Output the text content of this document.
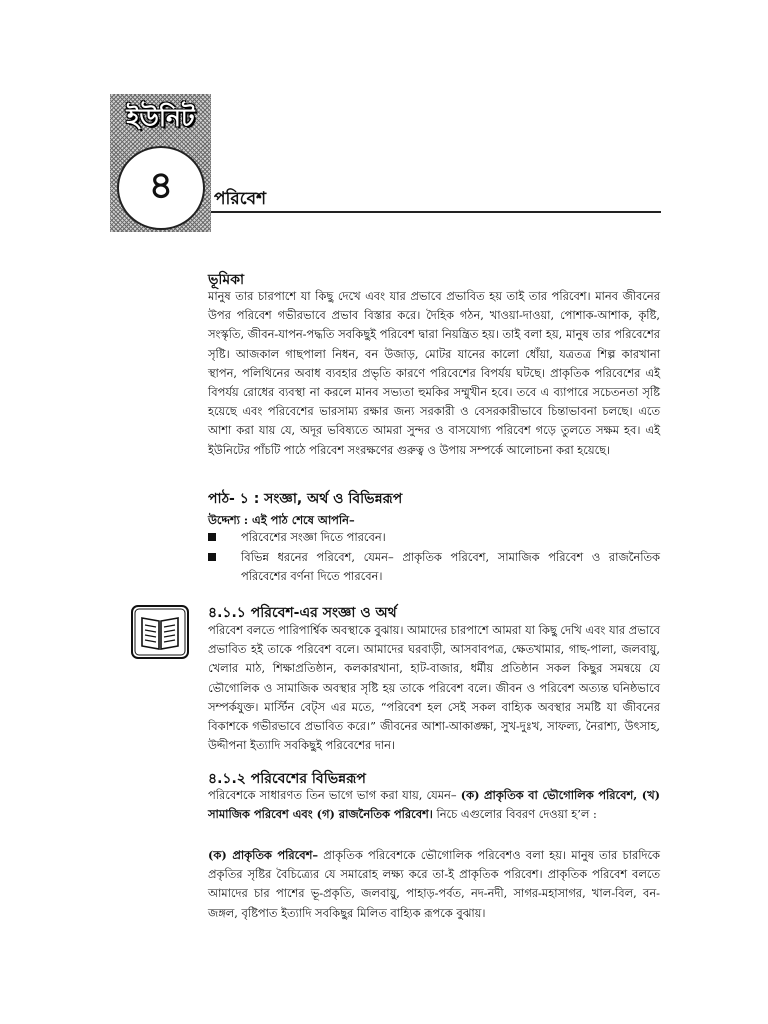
ইউনিট
৪	পরিবেশ
ভূমিকা

মানুষ তার চারপাশে যা কিছু দেখে এবং যার প্রভাবে প্রভাবিত হয় তাই তার পরিবেশ। মানব জীবনের উপর পরিবেশ গভীরভাবে প্রভাব বিস্তার করে। দৈহিক গঠন, খাওয়া-দাওয়া, পোশাক-আশাক, কৃষ্টি, সংস্কৃতি, জীবন-যাপন-পদ্ধতি সবকিছুই পরিবেশ দ্বারা নিয়ন্ত্রিত হয়। তাই বলা হয়, মানুষ তার পরিবেশের সৃষ্টি। আজকাল গাছপালা নিধন, বন উজাড়, মোটর যানের কালো ধোঁয়া, যত্রতত্র শিল্প কারখানা স্থাপন, পলিথিনের অবাধ ব্যবহার প্রভৃতি কারণে পরিবেশের বিপর্যয় ঘটছে। প্রাকৃতিক পরিবেশের এই বিপর্যয় রোধের ব্যবস্থা না করলে মানব সভ্যতা হুমকির সম্মুখীন হবে। তবে এ ব্যাপারে সচেতনতা সৃষ্টি হয়েছে এবং পরিবেশের ভারসাম্য রক্ষার জন্য সরকারী ও বেসরকারীভাবে চিন্তাভাবনা চলছে। এতে আশা করা যায় যে, অদূর ভবিষ্যতে আমরা সুন্দর ও বাসযোগ্য পরিবেশ গড়ে তুলতে সক্ষম হব। এই ইউনিটের পাঁচটি পাঠে পরিবেশ সংরক্ষণের গুরুত্ব ও উপায় সম্পর্কে আলোচনা করা হয়েছে।

পাঠ- ১ : সংজ্ঞা, অর্থ ও বিভিন্নরূপ
উদ্দেশ্য : এই পাঠ শেষে আপনি–
পরিবেশের সংজ্ঞা দিতে পারবেন।
বিভিন্ন ধরনের পরিবেশ, যেমন– প্রাকৃতিক পরিবেশ, সামাজিক পরিবেশ ও রাজনৈতিক পরিবেশের বর্ণনা দিতে পারবেন।
৪.১.১ পরিবেশ-এর সংজ্ঞা ও অর্থ

পরিবেশ বলতে পারিপার্শ্বিক অবস্থাকে বুঝায়। আমাদের চারপাশে আমরা যা কিছু দেখি এবং যার প্রভাবে প্রভাবিত হই তাকে পরিবেশ বলে। আমাদের ঘরবাড়ী, আসবাবপত্র, ক্ষেতখামার, গাছ-পালা, জলবায়ু, খেলার মাঠ, শিক্ষাপ্রতিষ্ঠান, কলকারখানা, হাট-বাজার, ধর্মীয় প্রতিষ্ঠান সকল কিছুর সমন্বয়ে যে ভৌগোলিক ও সামাজিক অবস্থার সৃষ্টি হয় তাকে পরিবেশ বলে। জীবন ও পরিবেশ অত্যন্ত ঘনিষ্ঠভাবে সম্পর্কযুক্ত। মার্স্টিন বেট্স এর মতে, “পরিবেশ হল সেই সকল বাহ্যিক অবস্থার সমষ্টি যা জীবনের বিকাশকে গভীরভাবে প্রভাবিত করে।” জীবনের আশা-আকাঙ্ক্ষা, সুখ-দুঃখ, সাফল্য, নৈরাশ্য, উৎসাহ, উদ্দীপনা ইত্যাদি সবকিছুই পরিবেশের দান।

৪.১.২ পরিবেশের বিভিন্নরূপ

পরিবেশকে সাধারণত তিন ভাগে ভাগ করা যায়, যেমন– (ক) প্রাকৃতিক বা ভৌগোলিক পরিবেশ, (খ) সামাজিক পরিবেশ এবং (গ) রাজনৈতিক পরিবেশ। নিচে এগুলোর বিবরণ দেওয়া হ’ল :

(ক) প্রাকৃতিক পরিবেশ– প্রাকৃতিক পরিবেশকে ভৌগোলিক পরিবেশও বলা হয়। মানুষ তার চারদিকে প্রকৃতির সৃষ্টির বৈচিত্র্যের যে সমারোহ লক্ষ্য করে তা-ই প্রাকৃতিক পরিবেশ। প্রাকৃতিক পরিবেশ বলতে আমাদের চার পাশের ভূ-প্রকৃতি, জলবায়ু, পাহাড়-পর্বত, নদ-নদী, সাগর-মহাসাগর, খাল-বিল, বন-জঙ্গল, বৃষ্টিপাত ইত্যাদি সবকিছুর মিলিত বাহ্যিক রূপকে বুঝায়।
